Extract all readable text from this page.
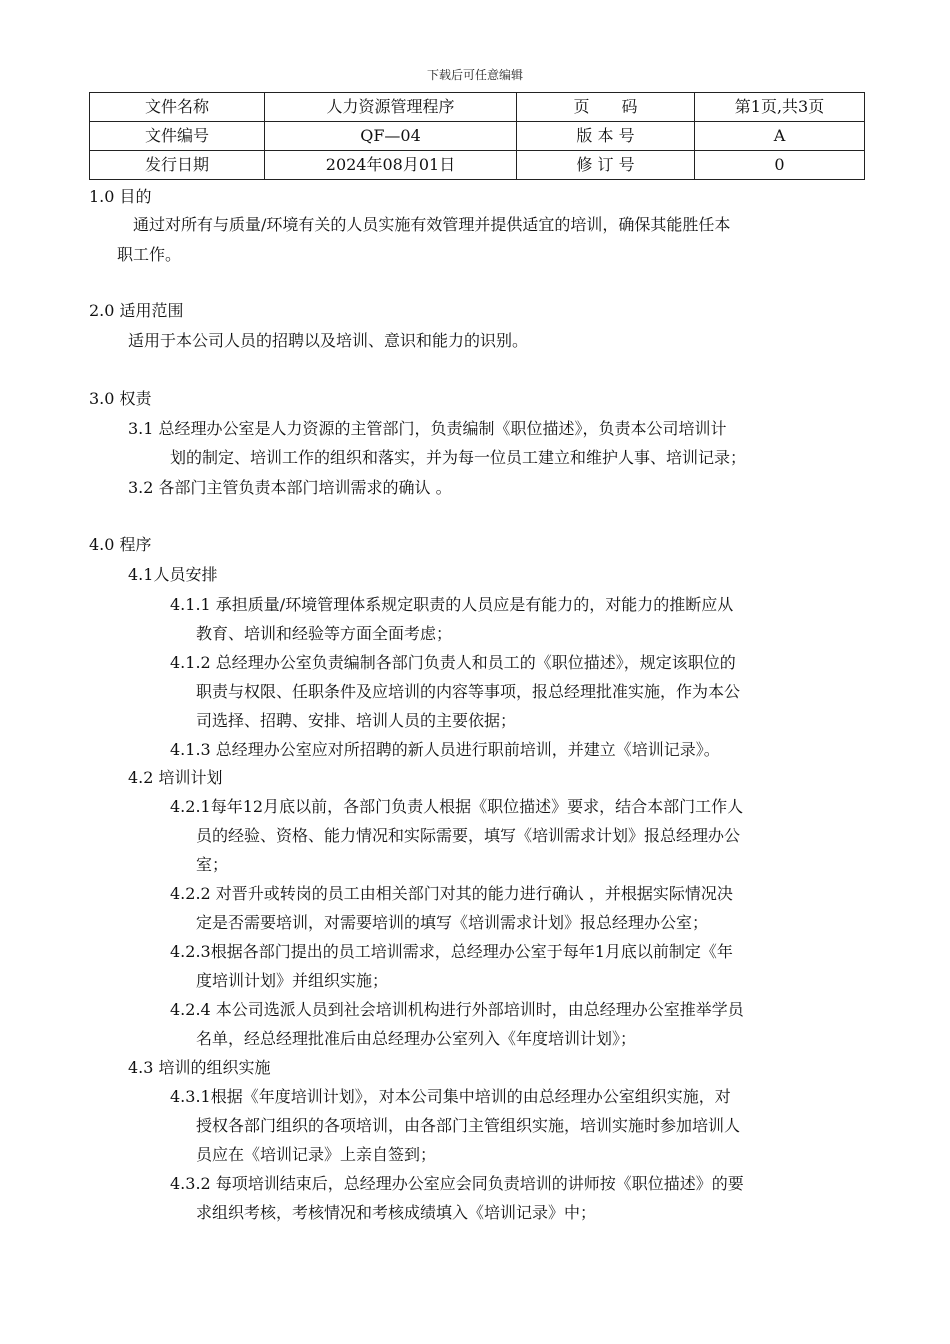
下载后可任意编辑
文件名称	人力资源管理程序	页　　码	第1页,共3页
文件编号	QF—04	版 本 号	A
发行日期	2024年08月01日	修 订 号	0
1.0 目的
通过对所有与质量/环境有关的人员实施有效管理并提供适宜的培训，确保其能胜任本
职工作。
2.0 适用范围
适用于本公司人员的招聘以及培训、意识和能力的识别。
3.0 权责
3.1 总经理办公室是人力资源的主管部门，负责编制《职位描述》，负责本公司培训计
划的制定、培训工作的组织和落实，并为每一位员工建立和维护人事、培训记录；
3.2 各部门主管负责本部门培训需求的确认 。
4.0 程序
4.1人员安排
4.1.1 承担质量/环境管理体系规定职责的人员应是有能力的，对能力的推断应从
教育、培训和经验等方面全面考虑；
4.1.2 总经理办公室负责编制各部门负责人和员工的《职位描述》，规定该职位的
职责与权限、任职条件及应培训的内容等事项，报总经理批准实施，作为本公
司选择、招聘、安排、培训人员的主要依据；
4.1.3 总经理办公室应对所招聘的新人员进行职前培训，并建立《培训记录》。
4.2 培训计划
4.2.1每年12月底以前，各部门负责人根据《职位描述》要求，结合本部门工作人
员的经验、资格、能力情况和实际需要，填写《培训需求计划》报总经理办公
室；
4.2.2 对晋升或转岗的员工由相关部门对其的能力进行确认 ，并根据实际情况决
定是否需要培训，对需要培训的填写《培训需求计划》报总经理办公室；
4.2.3根据各部门提出的员工培训需求，总经理办公室于每年1月底以前制定《年
度培训计划》并组织实施；
4.2.4 本公司选派人员到社会培训机构进行外部培训时，由总经理办公室推举学员
名单，经总经理批准后由总经理办公室列入《年度培训计划》；
4.3 培训的组织实施
4.3.1根据《年度培训计划》，对本公司集中培训的由总经理办公室组织实施，对
授权各部门组织的各项培训，由各部门主管组织实施，培训实施时参加培训人
员应在《培训记录》上亲自签到；
4.3.2 每项培训结束后，总经理办公室应会同负责培训的讲师按《职位描述》的要
求组织考核，考核情况和考核成绩填入《培训记录》中；
